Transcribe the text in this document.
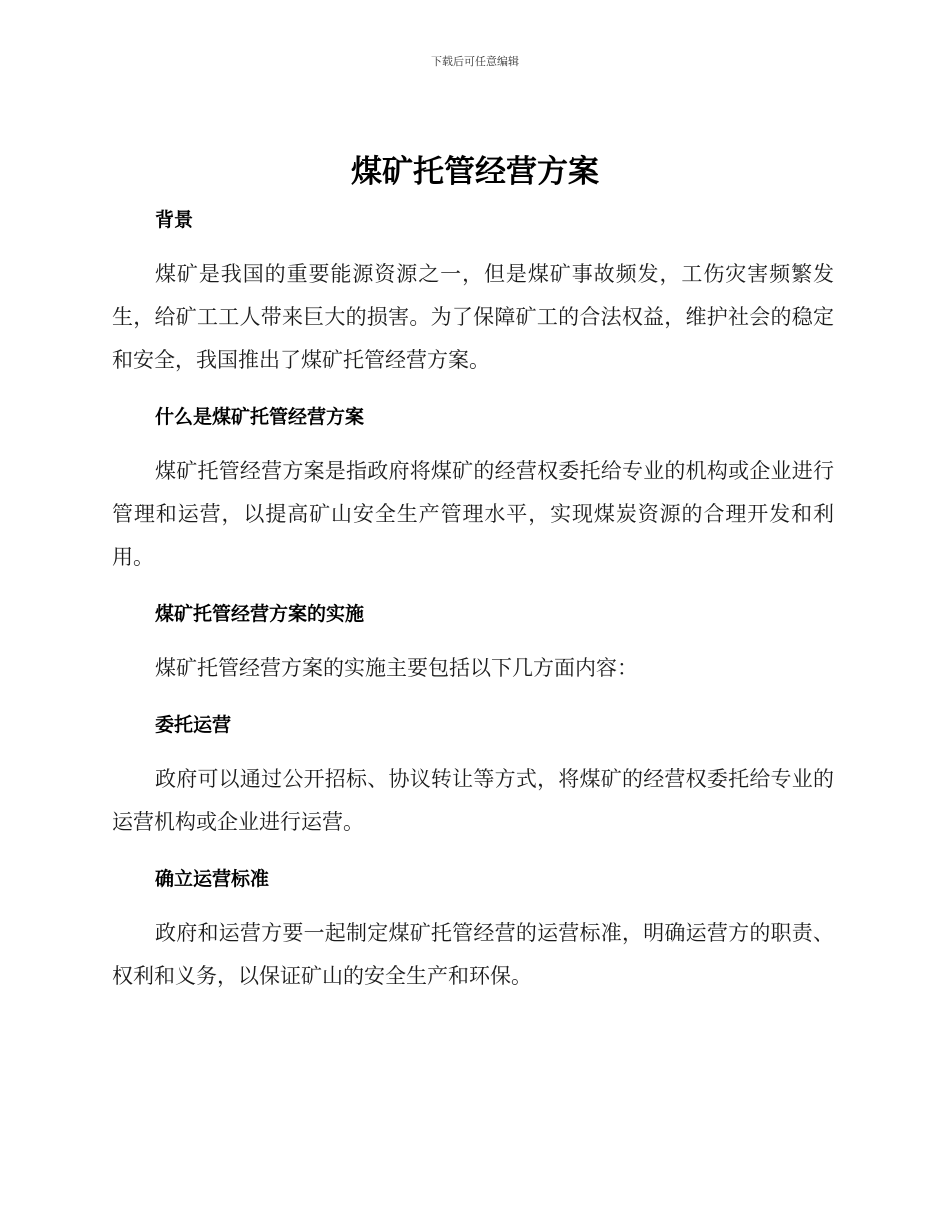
下载后可任意编辑
煤矿托管经营方案
背景

煤矿是我国的重要能源资源之一，但是煤矿事故频发，工伤灾害频繁发生，给矿工工人带来巨大的损害。为了保障矿工的合法权益，维护社会的稳定和安全，我国推出了煤矿托管经营方案。

什么是煤矿托管经营方案

煤矿托管经营方案是指政府将煤矿的经营权委托给专业的机构或企业进行管理和运营，以提高矿山安全生产管理水平，实现煤炭资源的合理开发和利用。

煤矿托管经营方案的实施

煤矿托管经营方案的实施主要包括以下几方面内容：

委托运营

政府可以通过公开招标、协议转让等方式，将煤矿的经营权委托给专业的运营机构或企业进行运营。

确立运营标准

政府和运营方要一起制定煤矿托管经营的运营标准，明确运营方的职责、权利和义务，以保证矿山的安全生产和环保。
